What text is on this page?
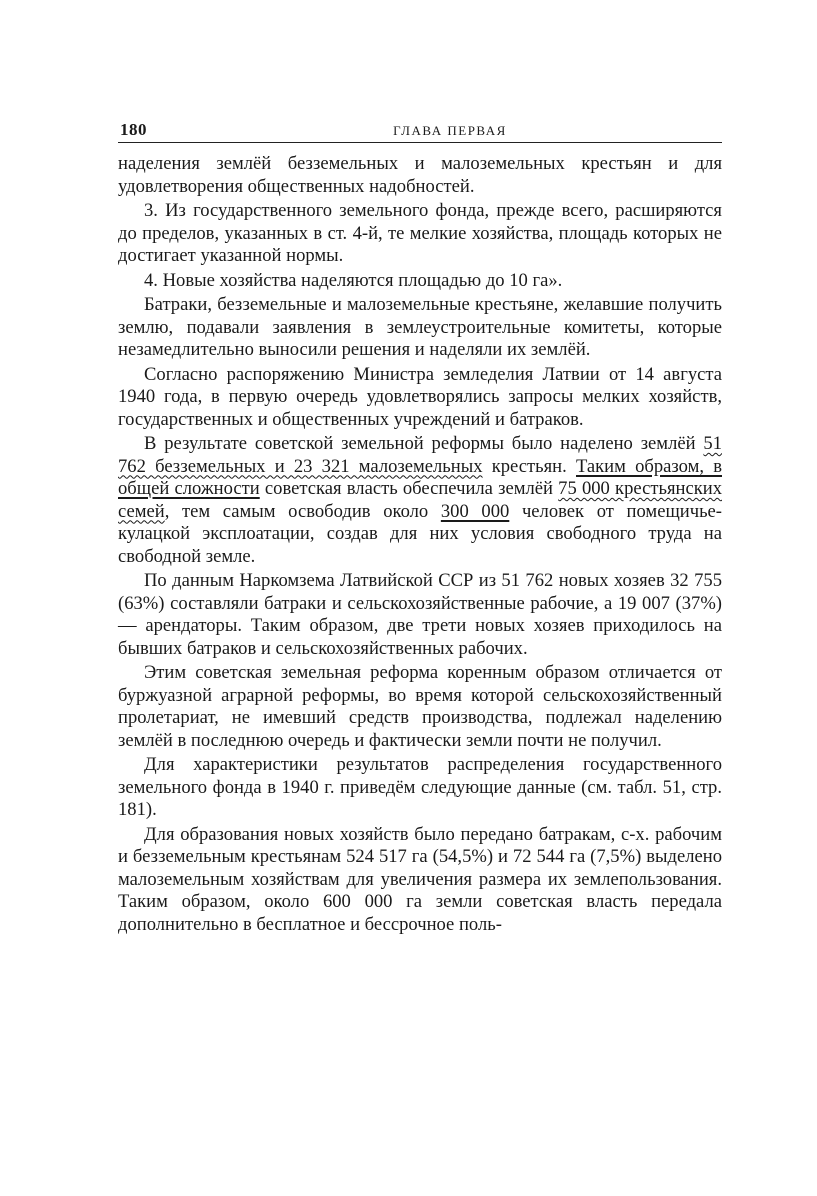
180	ГЛАВА ПЕРВАЯ

наделения землёй безземельных и малоземельных крестьян и для удовлетворения общественных надобностей.

3. Из государственного земельного фонда, прежде всего, расширяются до пределов, указанных в ст. 4-й, те мелкие хозяйства, площадь которых не достигает указанной нормы.

4. Новые хозяйства наделяются площадью до 10 га».

Батраки, безземельные и малоземельные крестьяне, желавшие получить землю, подавали заявления в землеустроительные комитеты, которые незамедлительно выносили решения и наделяли их землёй.

Согласно распоряжению Министра земледелия Латвии от 14 августа 1940 года, в первую очередь удовлетворялись запросы мелких хозяйств, государственных и общественных учреждений и батраков.

В результате советской земельной реформы было наделено землёй 51 762 безземельных и 23 321 малоземельных крестьян. Таким образом, в общей сложности советская власть обеспечила землёй 75 000 крестьянских семей, тем самым освободив около 300 000 человек от помещичье-кулацкой эксплоатации, создав для них условия свободного труда на свободной земле.

По данным Наркомзема Латвийской ССР из 51 762 новых хозяев 32 755 (63%) составляли батраки и сельскохозяйственные рабочие, а 19 007 (37%) — арендаторы. Таким образом, две трети новых хозяев приходилось на бывших батраков и сельскохозяйственных рабочих.

Этим советская земельная реформа коренным образом отличается от буржуазной аграрной реформы, во время которой сельскохозяйственный пролетариат, не имевший средств производства, подлежал наделению землёй в последнюю очередь и фактически земли почти не получил.

Для характеристики результатов распределения государственного земельного фонда в 1940 г. приведём следующие данные (см. табл. 51, стр. 181).

Для образования новых хозяйств было передано батракам, с-х. рабочим и безземельным крестьянам 524 517 га (54,5%) и 72 544 га (7,5%) выделено малоземельным хозяйствам для увеличения размера их землепользования. Таким образом, около 600 000 га земли советская власть передала дополнительно в бесплатное и бессрочное поль-
